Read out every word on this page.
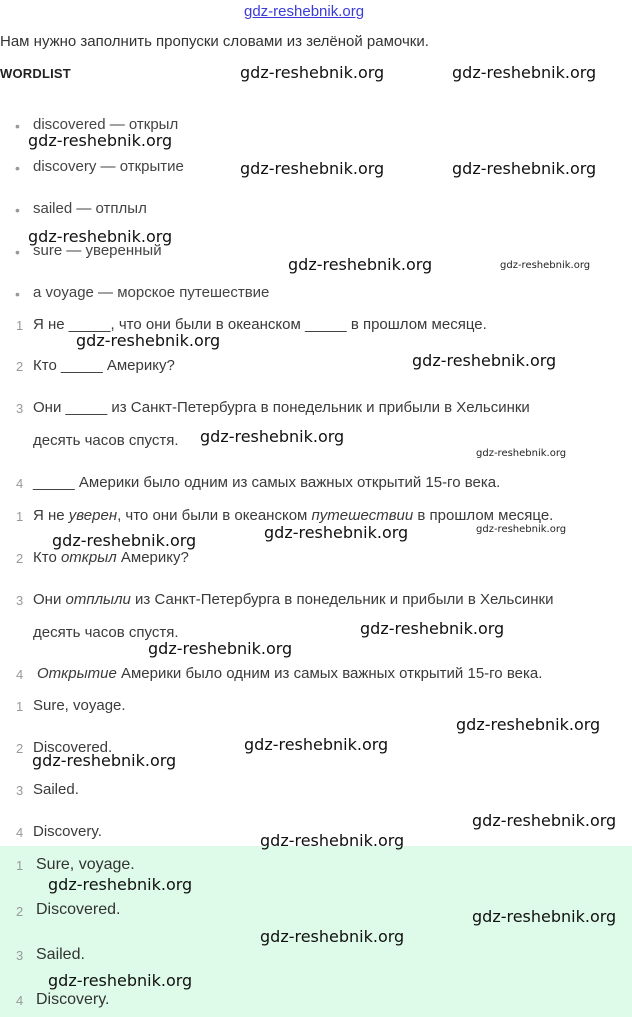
gdz-reshebnik.org
Нам нужно заполнить пропуски словами из зелёной рамочки.
WORDLIST
• discovered — открыл
• discovery — открытие
• sailed — отплыл
• sure — уверенный
• a voyage — морское путешествие
1 Я не _____, что они были в океанском _____ в прошлом месяце.
2 Кто _____ Америку?
3 Они _____ из Санкт-Петербурга в понедельник и прибыли в Хельсинки
десять часов спустя.
4 _____ Америки было одним из самых важных открытий 15-го века.
1 Я не уверен, что они были в океанском путешествии в прошлом месяце.
2 Кто открыл Америку?
3 Они отплыли из Санкт-Петербурга в понедельник и прибыли в Хельсинки
десять часов спустя.
4 Открытие Америки было одним из самых важных открытий 15-го века.
1 Sure, voyage.
2 Discovered.
3 Sailed.
4 Discovery.
1 Sure, voyage.
2 Discovered.
3 Sailed.
4 Discovery.
gdz-reshebnik.org	gdz-reshebnik.org
gdz-reshebnik.org
gdz-reshebnik.org	gdz-reshebnik.org
gdz-reshebnik.org
gdz-reshebnik.org	gdz-reshebnik.org
gdz-reshebnik.org
gdz-reshebnik.org
gdz-reshebnik.org
gdz-reshebnik.org
gdz-reshebnik.org	gdz-reshebnik.org	gdz-reshebnik.org
gdz-reshebnik.org
gdz-reshebnik.org
gdz-reshebnik.org
gdz-reshebnik.org
gdz-reshebnik.org
gdz-reshebnik.org
gdz-reshebnik.org
gdz-reshebnik.org
gdz-reshebnik.org
gdz-reshebnik.org
gdz-reshebnik.org
